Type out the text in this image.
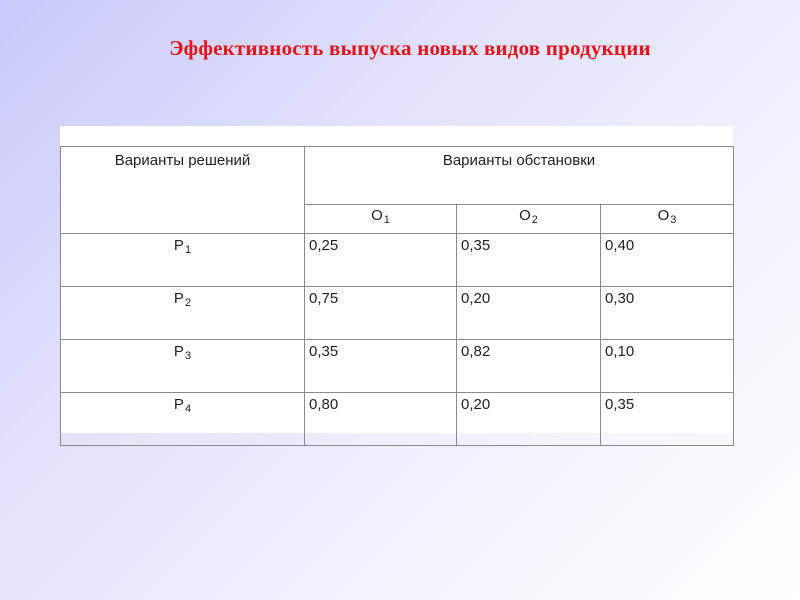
Эффективность выпуска новых видов продукции
Варианты решений	Варианты обстановки		
	$O_1$	$O_2$	$O_3$
$P_1$	0,25	0,35	0,40
$P_2$	0,75	0,20	0,30
$P_3$	0,35	0,82	0,10
$P_4$	0,80	0,20	0,35
